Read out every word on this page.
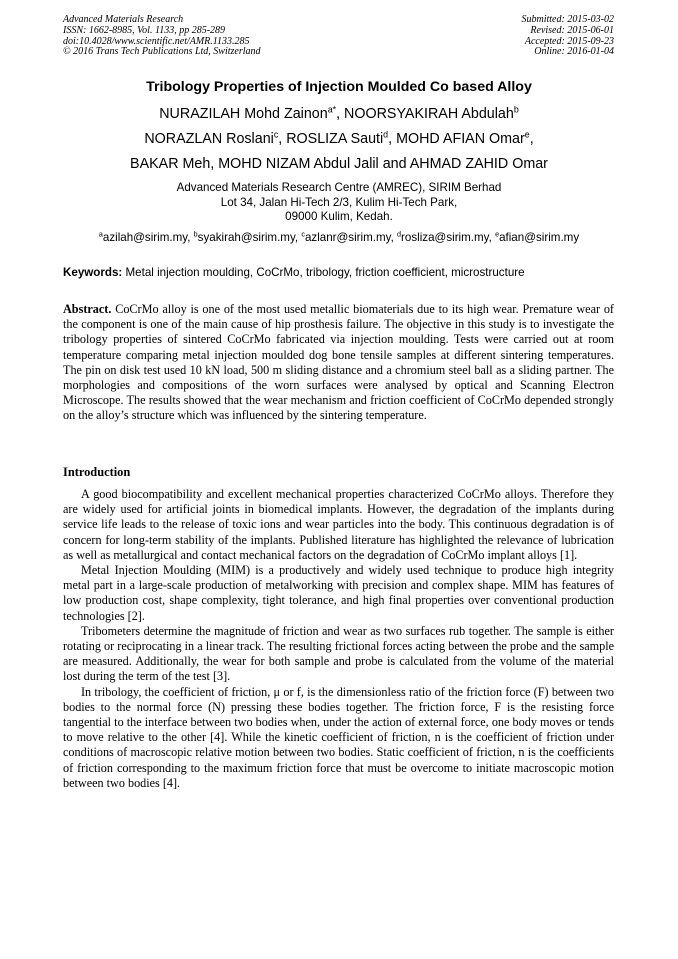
Advanced Materials Research
ISSN: 1662-8985, Vol. 1133, pp 285-289
doi:10.4028/www.scientific.net/AMR.1133.285
© 2016 Trans Tech Publications Ltd, Switzerland
Submitted: 2015-03-02
Revised: 2015-06-01
Accepted: 2015-09-23
Online: 2016-01-04
Tribology Properties of Injection Moulded Co based Alloy
NURAZILAH Mohd Zainon$^{a*}$, NOORSYAKIRAH Abdulah$^b$
NORAZLAN Roslani$^c$, ROSLIZA Sauti$^d$, MOHD AFIAN Omar$^e$,
BAKAR Meh, MOHD NIZAM Abdul Jalil and AHMAD ZAHID Omar
Advanced Materials Research Centre (AMREC), SIRIM Berhad
Lot 34, Jalan Hi-Tech 2/3, Kulim Hi-Tech Park,
09000 Kulim, Kedah.
$^a$azilah@sirim.my, $^b$syakirah@sirim.my, $^c$azlanr@sirim.my, $^d$rosliza@sirim.my, $^e$afian@sirim.my
Keywords: Metal injection moulding, CoCrMo, tribology, friction coefficient, microstructure
Abstract. CoCrMo alloy is one of the most used metallic biomaterials due to its high wear. Premature wear of the component is one of the main cause of hip prosthesis failure. The objective in this study is to investigate the tribology properties of sintered CoCrMo fabricated via injection moulding. Tests were carried out at room temperature comparing metal injection moulded dog bone tensile samples at different sintering temperatures. The pin on disk test used 10 kN load, 500 m sliding distance and a chromium steel ball as a sliding partner. The morphologies and compositions of the worn surfaces were analysed by optical and Scanning Electron Microscope. The results showed that the wear mechanism and friction coefficient of CoCrMo depended strongly on the alloy’s structure which was influenced by the sintering temperature.
Introduction

A good biocompatibility and excellent mechanical properties characterized CoCrMo alloys. Therefore they are widely used for artificial joints in biomedical implants. However, the degradation of the implants during service life leads to the release of toxic ions and wear particles into the body. This continuous degradation is of concern for long-term stability of the implants. Published literature has highlighted the relevance of lubrication as well as metallurgical and contact mechanical factors on the degradation of CoCrMo implant alloys [1].

Metal Injection Moulding (MIM) is a productively and widely used technique to produce high integrity metal part in a large-scale production of metalworking with precision and complex shape. MIM has features of low production cost, shape complexity, tight tolerance, and high final properties over conventional production technologies [2].

Tribometers determine the magnitude of friction and wear as two surfaces rub together. The sample is either rotating or reciprocating in a linear track. The resulting frictional forces acting between the probe and the sample are measured. Additionally, the wear for both sample and probe is calculated from the volume of the material lost during the term of the test [3].

In tribology, the coefficient of friction, μ or f, is the dimensionless ratio of the friction force (F) between two bodies to the normal force (N) pressing these bodies together. The friction force, F is the resisting force tangential to the interface between two bodies when, under the action of external force, one body moves or tends to move relative to the other [4]. While the kinetic coefficient of friction, n is the coefficient of friction under conditions of macroscopic relative motion between two bodies. Static coefficient of friction, n is the coefficients of friction corresponding to the maximum friction force that must be overcome to initiate macroscopic motion between two bodies [4].
